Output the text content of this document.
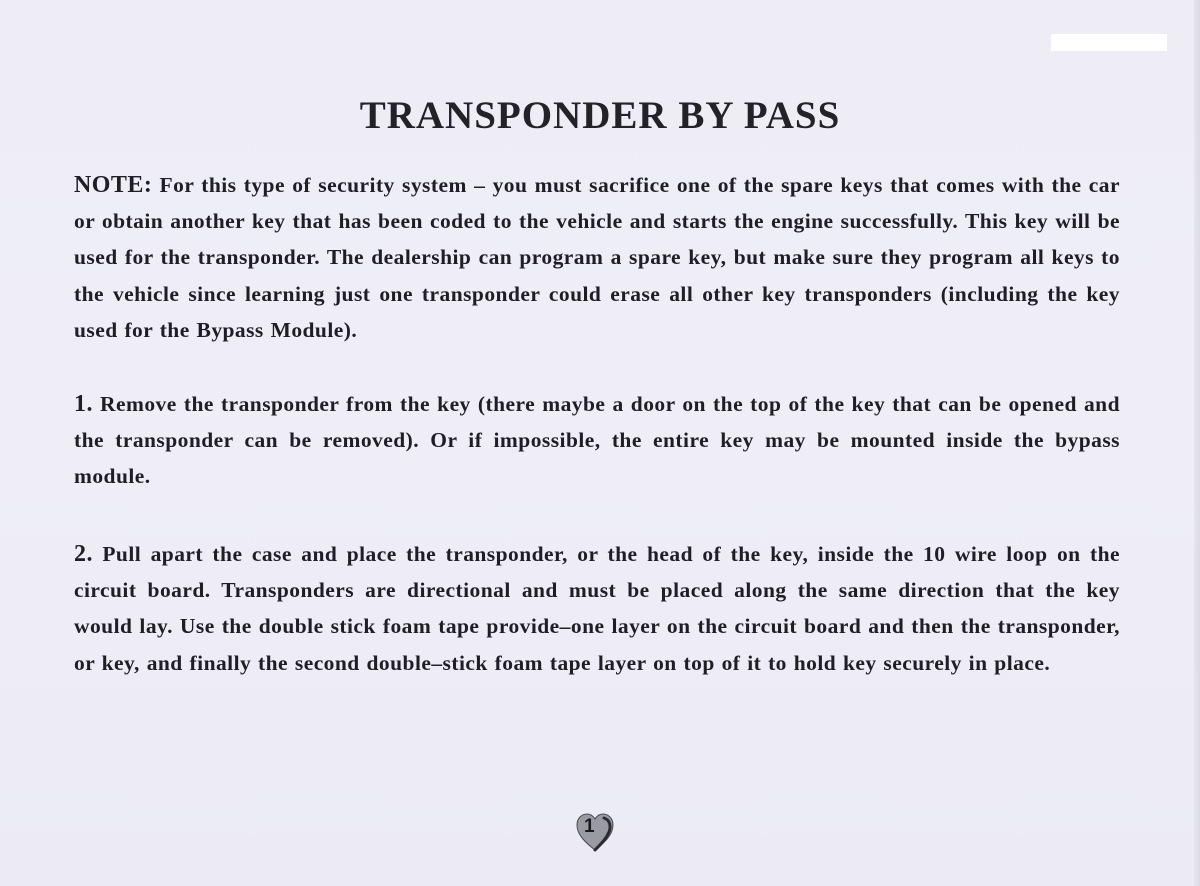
TRANSPONDER BY PASS

NOTE: For this type of security system – you must sacrifice one of the spare keys that comes with the car or obtain another key that has been coded to the vehicle and starts the engine successfully. This key will be used for the transponder. The dealership can program a spare key, but make sure they program all keys to the vehicle since learning just one transponder could erase all other key transponders (including the key used for the Bypass Module).

1. Remove the transponder from the key (there maybe a door on the top of the key that can be opened and the transponder can be removed). Or if impossible, the entire key may be mounted inside the bypass module.

2. Pull apart the case and place the transponder, or the head of the key, inside the 10 wire loop on the circuit board. Transponders are directional and must be placed along the same direction that the key would lay. Use the double stick foam tape provide–one layer on the circuit board and then the transponder, or key, and finally the second double–stick foam tape layer on top of it to hold key securely in place.

1
